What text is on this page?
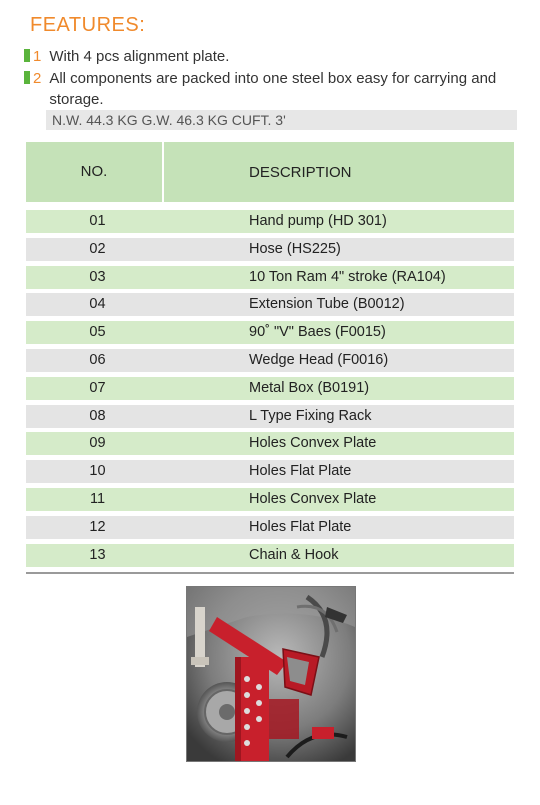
FEATURES:
1 With 4 pcs alignment plate.
2 All components are packed into one steel box easy for carrying and storage.
N.W. 44.3 KG G.W. 46.3 KG CUFT. 3'
NO.	DESCRIPTION
01	Hand pump (HD 301)
02	Hose (HS225)
03	10 Ton Ram 4" stroke (RA104)
04	Extension Tube (B0012)
05	90˚ "V" Baes (F0015)
06	Wedge Head (F0016)
07	Metal Box (B0191)
08	L Type Fixing Rack
09	Holes Convex Plate
10	Holes Flat Plate
11	Holes Convex Plate
12	Holes Flat Plate
13	Chain & Hook
